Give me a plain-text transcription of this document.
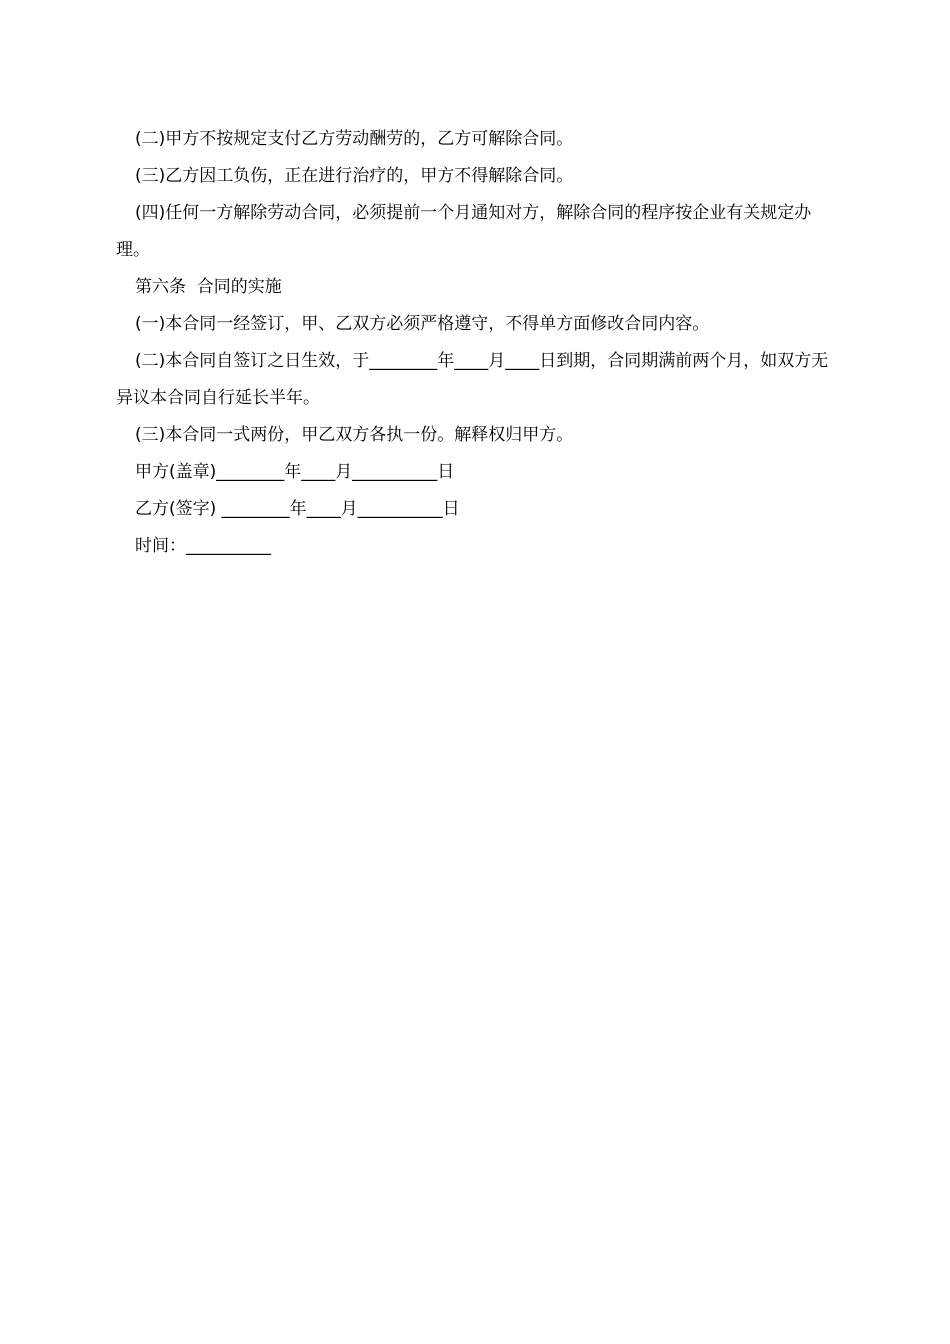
(二)甲方不按规定支付乙方劳动酬劳的，乙方可解除合同。

(三)乙方因工负伤，正在进行治疗的，甲方不得解除合同。

(四)任何一方解除劳动合同，必须提前一个月通知对方，解除合同的程序按企业有关规定办理。

第六条  合同的实施

(一)本合同一经签订，甲、乙双方必须严格遵守，不得单方面修改合同内容。

(二)本合同自签订之日生效，于________年____月____日到期，合同期满前两个月，如双方无异议本合同自行延长半年。

(三)本合同一式两份，甲乙双方各执一份。解释权归甲方。

甲方(盖章)________年____月__________日

乙方(签字) ________年____月__________日

时间：__________
